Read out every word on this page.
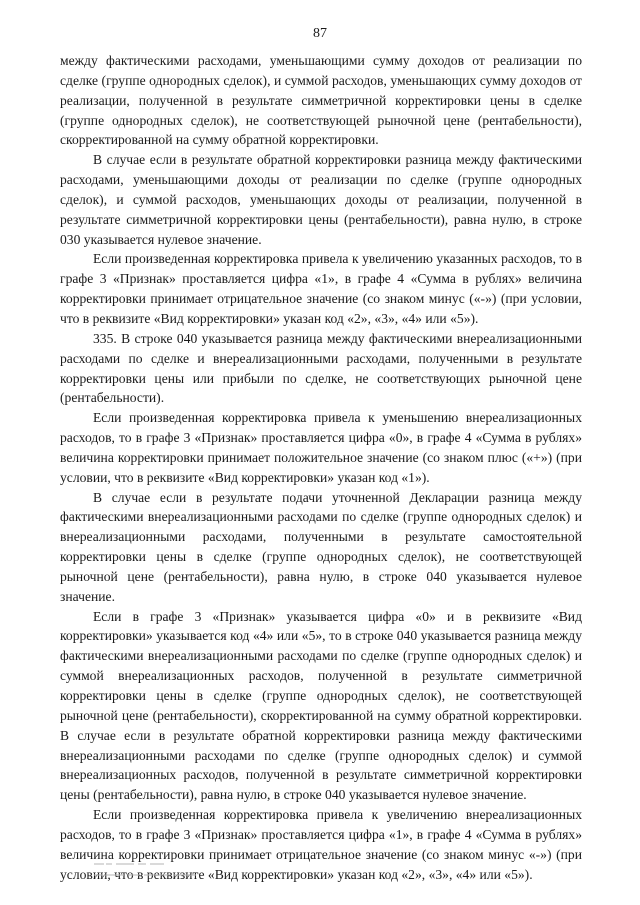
87

между фактическими расходами, уменьшающими сумму доходов от реализации по сделке (группе однородных сделок), и суммой расходов, уменьшающих сумму доходов от реализации, полученной в результате симметричной корректировки цены в сделке (группе однородных сделок), не соответствующей рыночной цене (рентабельности), скорректированной на сумму обратной корректировки.

В случае если в результате обратной корректировки разница между фактическими расходами, уменьшающими доходы от реализации по сделке (группе однородных сделок), и суммой расходов, уменьшающих доходы от реализации, полученной в результате симметричной корректировки цены (рентабельности), равна нулю, в строке 030 указывается нулевое значение.

Если произведенная корректировка привела к увеличению указанных расходов, то в графе 3 «Признак» проставляется цифра «1», в графе 4 «Сумма в рублях» величина корректировки принимает отрицательное значение (со знаком минус («-») (при условии, что в реквизите «Вид корректировки» указан код «2», «3», «4» или «5»).

335. В строке 040 указывается разница между фактическими внереализационными расходами по сделке и внереализационными расходами, полученными в результате корректировки цены или прибыли по сделке, не соответствующих рыночной цене (рентабельности).

Если произведенная корректировка привела к уменьшению внереализационных расходов, то в графе 3 «Признак» проставляется цифра «0», в графе 4 «Сумма в рублях» величина корректировки принимает положительное значение (со знаком плюс («+») (при условии, что в реквизите «Вид корректировки» указан код «1»).

В случае если в результате подачи уточненной Декларации разница между фактическими внереализационными расходами по сделке (группе однородных сделок) и внереализационными расходами, полученными в результате самостоятельной корректировки цены в сделке (группе однородных сделок), не соответствующей рыночной цене (рентабельности), равна нулю, в строке 040 указывается нулевое значение.

Если в графе 3 «Признак» указывается цифра «0» и в реквизите «Вид корректировки» указывается код «4» или «5», то в строке 040 указывается разница между фактическими внереализационными расходами по сделке (группе однородных сделок) и суммой внереализационных расходов, полученной в результате симметричной корректировки цены в сделке (группе однородных сделок), не соответствующей рыночной цене (рентабельности), скорректированной на сумму обратной корректировки. В случае если в результате обратной корректировки разница между фактическими внереализационными расходами по сделке (группе однородных сделок) и суммой внереализационных расходов, полученной в результате симметричной корректировки цены (рентабельности), равна нулю, в строке 040 указывается нулевое значение.

Если произведенная корректировка привела к увеличению внереализационных расходов, то в графе 3 «Признак» проставляется цифра «1», в графе 4 «Сумма в рублях» величина корректировки принимает отрицательное значение (со знаком минус «-») (при условии, что в реквизите «Вид корректировки» указан код «2», «3», «4» или «5»).
